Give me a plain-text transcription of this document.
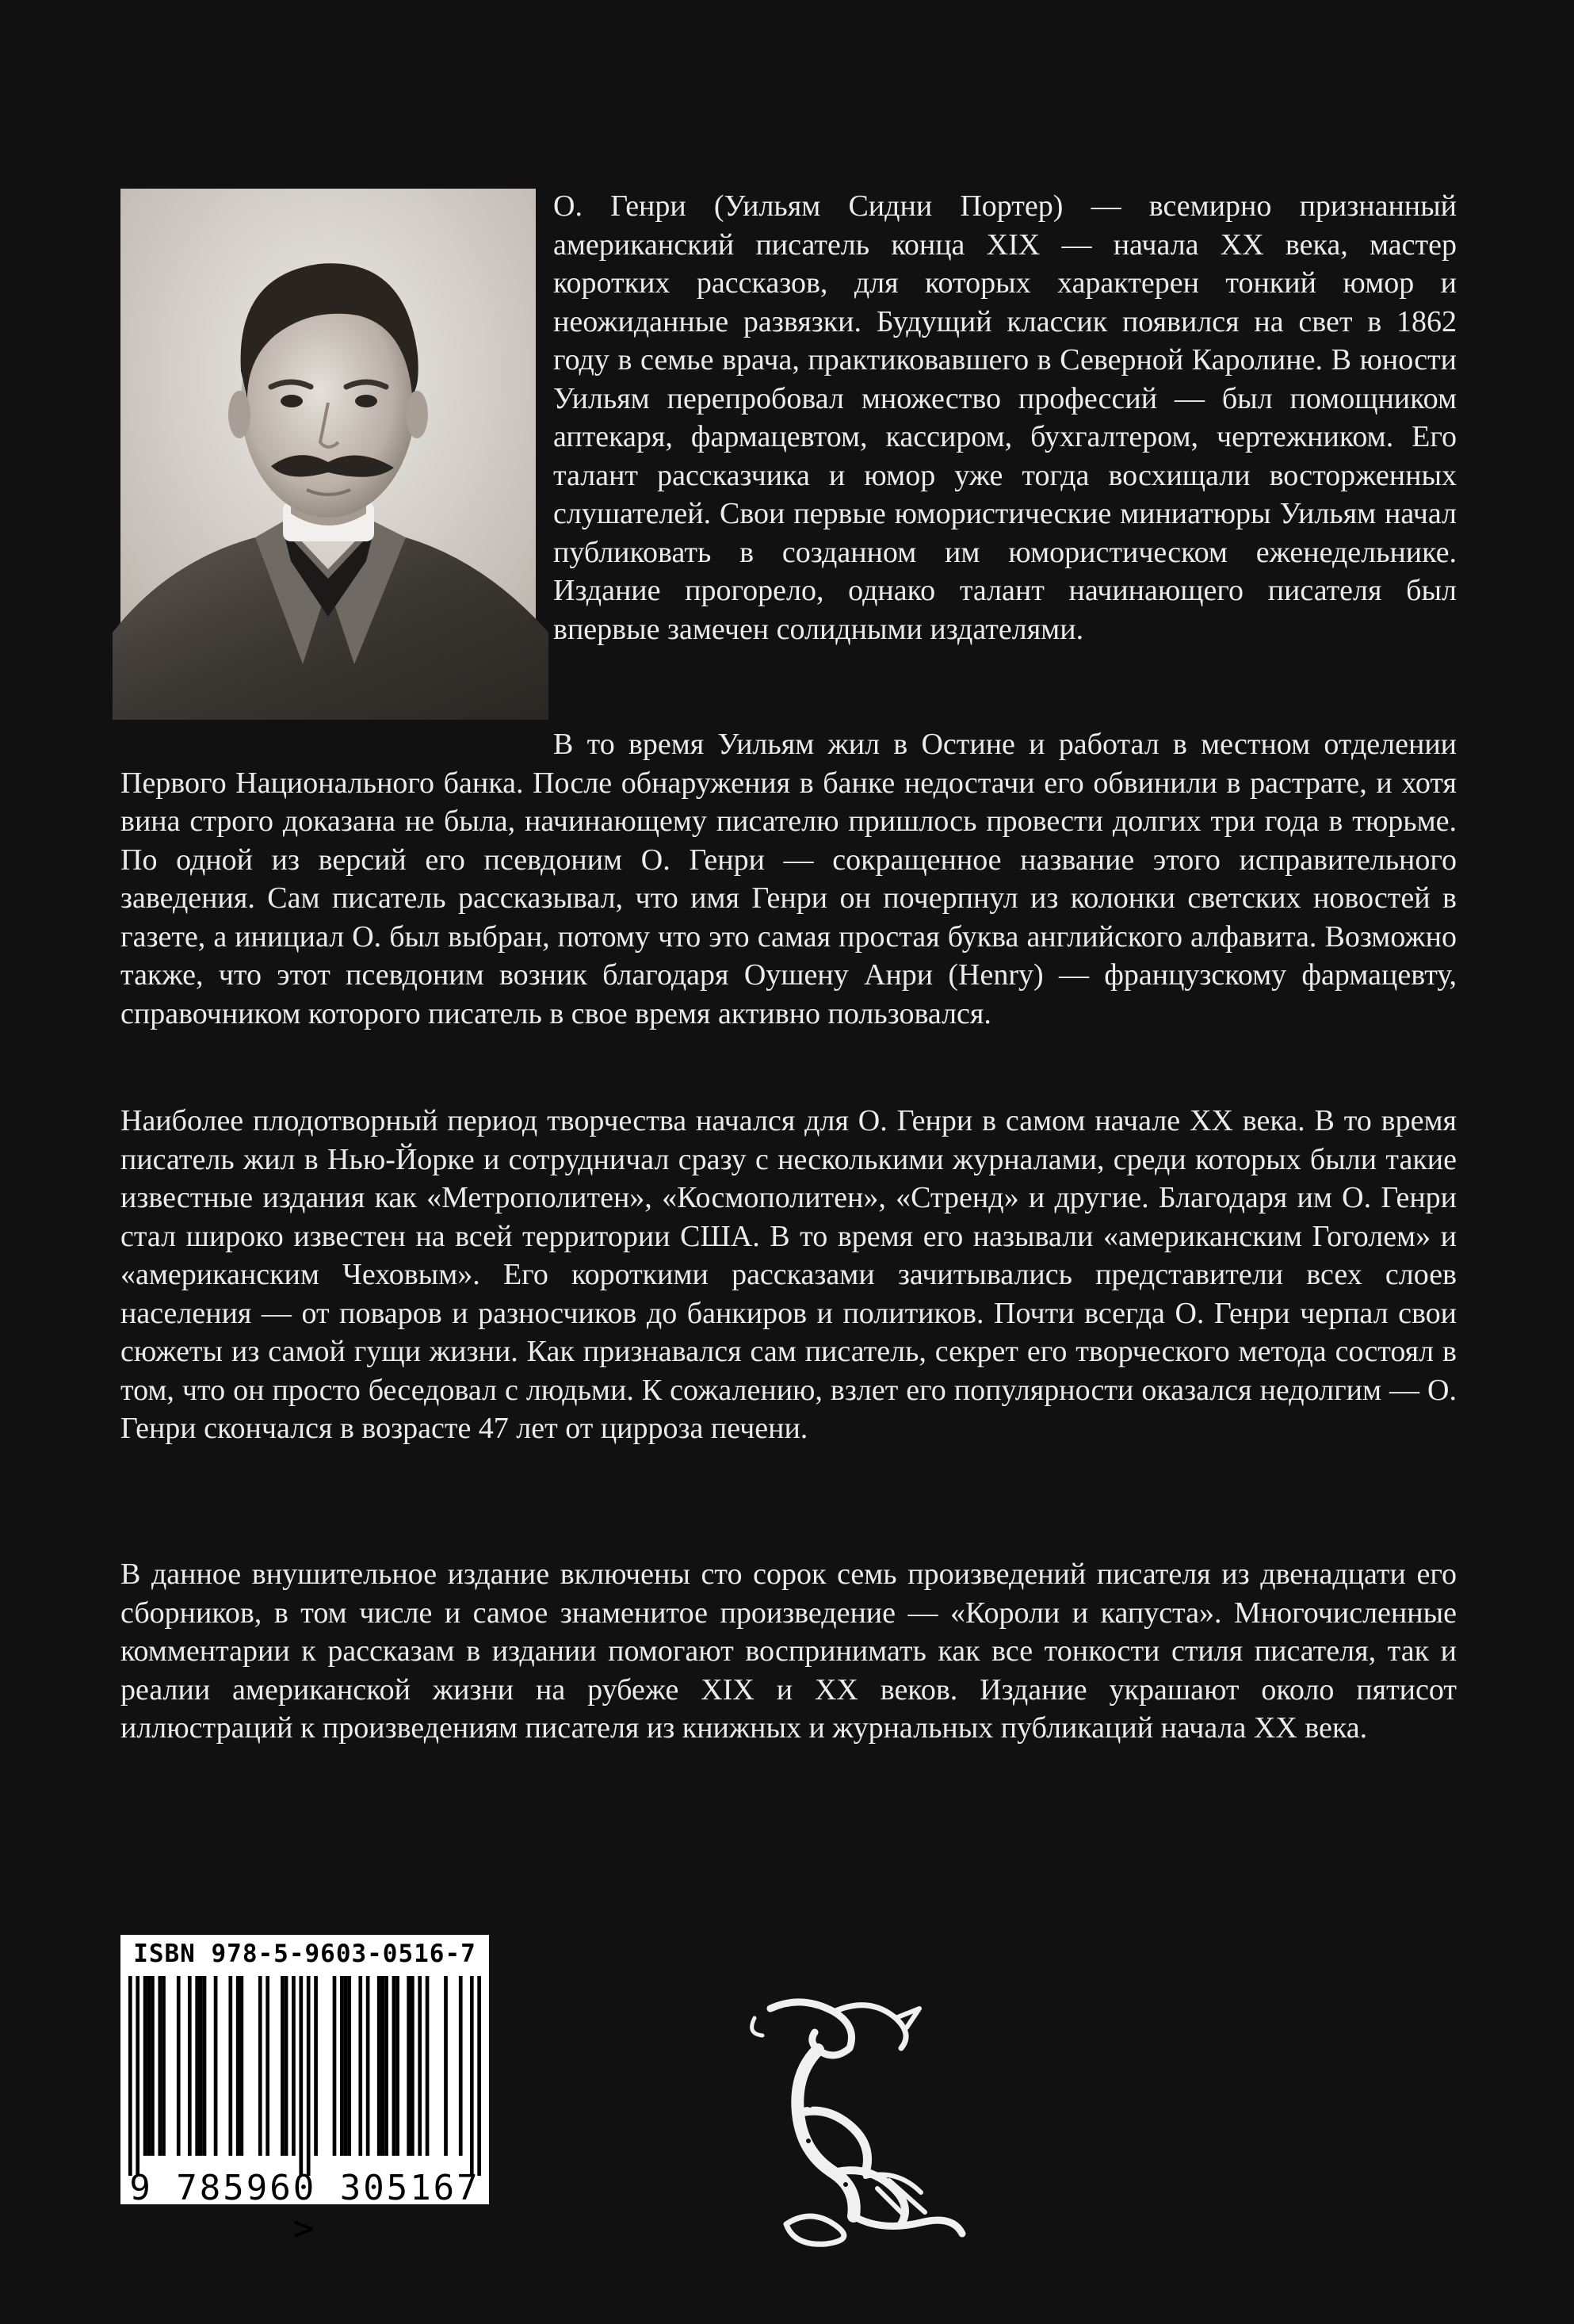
О. Генри (Уильям Сидни Портер) — всемирно признанный американский писатель конца XIX — начала XX века, мастер коротких рассказов, для которых характерен тонкий юмор и неожиданные развязки. Будущий классик появился на свет в 1862 году в семье врача, практиковавшего в Северной Каролине. В юности Уильям перепробовал множество профессий — был помощником аптекаря, фармацевтом, кассиром, бухгалтером, чертежником. Его талант рассказчика и юмор уже тогда восхищали восторженных слушателей. Свои первые юмористические миниатюры Уильям начал публиковать в созданном им юмористическом еженедельнике. Издание прогорело, однако талант начинающего писателя был впервые замечен солидными издателями.
В то время Уильям жил в Остине и работал в местном отделении Первого Национального банка. После обнаружения в банке недостачи его обвинили в растрате, и хотя вина строго доказана не была, начинающему писателю пришлось провести долгих три года в тюрьме. По одной из версий его псевдоним О. Генри — сокращенное название этого исправительного заведения. Сам писатель рассказывал, что имя Генри он почерпнул из колонки светских новостей в газете, а инициал О. был выбран, потому что это самая простая буква английского алфавита. Возможно также, что этот псевдоним возник благодаря Оушену Анри (Henry) — французскому фармацевту, справочником которого писатель в свое время активно пользовался.
Наиболее плодотворный период творчества начался для О. Генри в самом начале XX века. В то время писатель жил в Нью-Йорке и сотрудничал сразу с несколькими журналами, среди которых были такие известные издания как «Метрополитен», «Космополитен», «Стренд» и другие. Благодаря им О. Генри стал широко известен на всей территории США. В то время его называли «американским Гоголем» и «американским Чеховым». Его короткими рассказами зачитывались представители всех слоев населения — от поваров и разносчиков до банкиров и политиков. Почти всегда О. Генри черпал свои сюжеты из самой гущи жизни. Как признавался сам писатель, секрет его творческого метода состоял в том, что он просто беседовал с людьми. К сожалению, взлет его популярности оказался недолгим — О. Генри скончался в возрасте 47 лет от цирроза печени.
В данное внушительное издание включены сто сорок семь произведений писателя из двенадцати его сборников, в том числе и самое знаменитое произведение — «Короли и капуста». Многочисленные комментарии к рассказам в издании помогают воспринимать как все тонкости стиля писателя, так и реалии американской жизни на рубеже XIX и XX веков. Издание украшают около пятисот иллюстраций к произведениям писателя из книжных и журнальных публикаций начала XX века.
ISBN 978-5-9603-0516-7
9 785960 305167 >
